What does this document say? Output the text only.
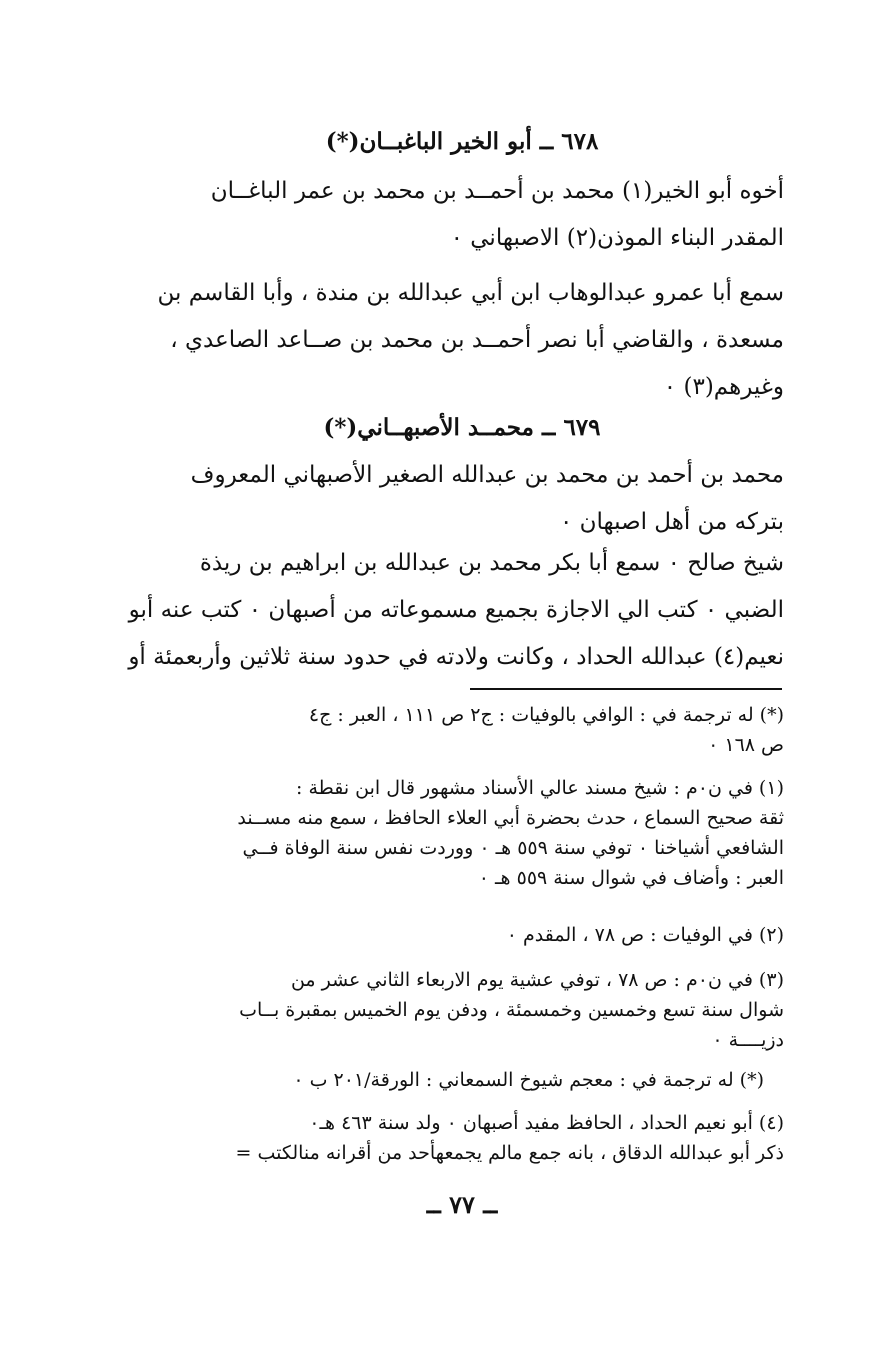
٦٧٨ ــ أبو الخير الباغبــان(*)
أخوه أبو الخير(١) محمد بن أحمــد بن محمد بن عمر الباغــان
المقدر البناء الموذن(٢) الاصبهاني ٠
سمع أبا عمرو عبدالوهاب ابن أبي عبدالله بن مندة ، وأبا القاسم بن
مسعدة ، والقاضي أبا نصر أحمــد بن محمد بن صــاعد الصاعدي ،
وغيرهم(٣) ٠
٦٧٩ ــ محمــد الأصبهــاني(*)
محمد بن أحمد بن محمد بن عبدالله الصغير الأصبهاني المعروف
بتركه من أهل اصبهان ٠
شيخ صالح ٠ سمع أبا بكر محمد بن عبدالله بن ابراهيم بن ريذة
الضبي ٠ كتب الي الاجازة بجميع مسموعاته من أصبهان ٠ كتب عنه أبو
نعيم(٤) عبدالله الحداد ، وكانت ولادته في حدود سنة ثلاثين وأربعمئة أو
(*) له ترجمة في : الوافي بالوفيات : ج٢ ص ١١١ ، العبر : ج٤
ص ١٦٨ ٠
(١) في ن٠م : شيخ مسند عالي الأسناد مشهور قال ابن نقطة :
ثقة صحيح السماع ، حدث بحضرة أبي العلاء الحافظ ، سمع منه مســند
الشافعي أشياخنا ٠ توفي سنة ٥٥٩ هـ ٠ ووردت نفس سنة الوفاة فــي
العبر : وأضاف في شوال سنة ٥٥٩ هـ ٠
(٢) في الوفيات : ص ٧٨ ، المقدم ٠
(٣) في ن٠م : ص ٧٨ ، توفي عشية يوم الاربعاء الثاني عشر من
شوال سنة تسع وخمسين وخمسمئة ، ودفن يوم الخميس بمقبرة بــاب
دزيــــة ٠
(*) له ترجمة في : معجم شيوخ السمعاني : الورقة/٢٠١ ب ٠
(٤) أبو نعيم الحداد ، الحافظ مفيد أصبهان ٠ ولد سنة ٤٦٣ هـ٠
ذكر أبو عبدالله الدقاق ، بانه جمع مالم يجمعهأحد من أقرانه منالكتب =
ــ ٧٧ ــ
